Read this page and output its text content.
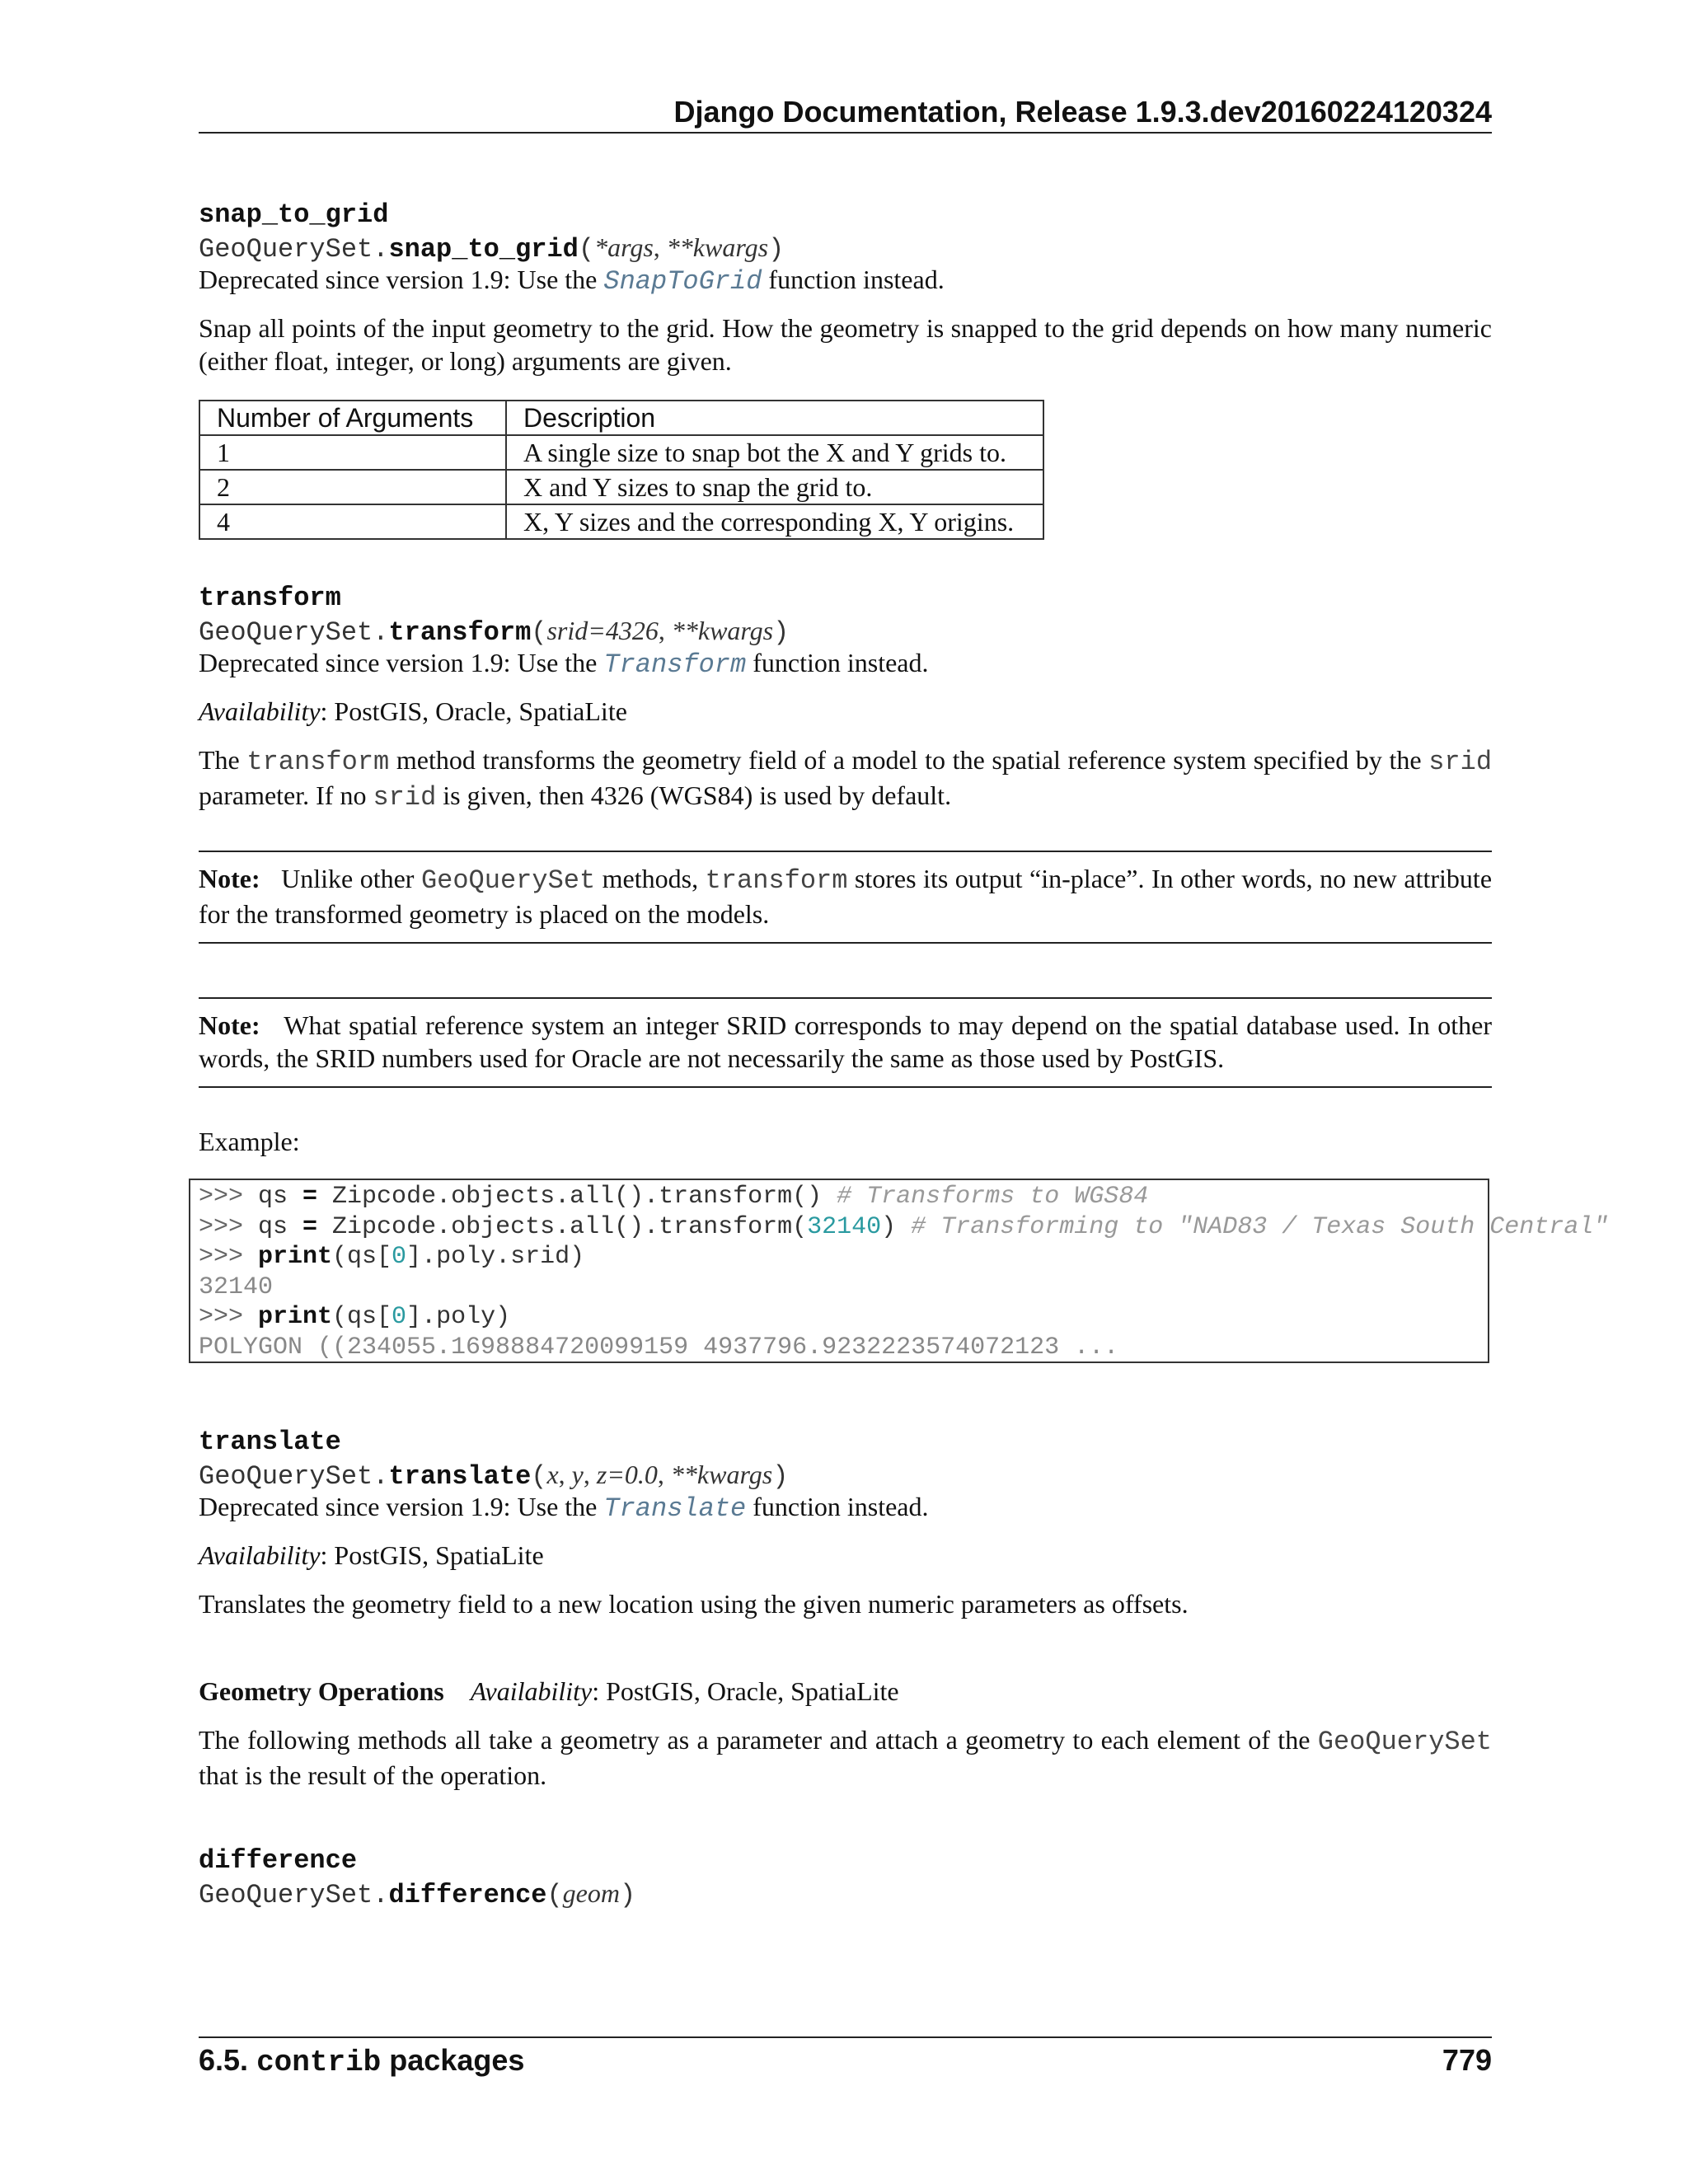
Django Documentation, Release 1.9.3.dev20160224120324
snap_to_grid
GeoQuerySet.snap_to_grid(*args, **kwargs)
Deprecated since version 1.9: Use the SnapToGrid function instead.
Snap all points of the input geometry to the grid. How the geometry is snapped to the grid depends on how many numeric (either float, integer, or long) arguments are given.
Number of Arguments	Description
1	A single size to snap bot the X and Y grids to.
2	X and Y sizes to snap the grid to.
4	X, Y sizes and the corresponding X, Y origins.
transform
GeoQuerySet.transform(srid=4326, **kwargs)
Deprecated since version 1.9: Use the Transform function instead.
Availability: PostGIS, Oracle, SpatiaLite
The transform method transforms the geometry field of a model to the spatial reference system specified by the srid parameter. If no srid is given, then 4326 (WGS84) is used by default.
Note: Unlike other GeoQuerySet methods, transform stores its output “in-place”. In other words, no new attribute for the transformed geometry is placed on the models.
Note: What spatial reference system an integer SRID corresponds to may depend on the spatial database used. In other words, the SRID numbers used for Oracle are not necessarily the same as those used by PostGIS.
Example:
>>> qs = Zipcode.objects.all().transform() # Transforms to WGS84
>>> qs = Zipcode.objects.all().transform(32140) # Transforming to "NAD83 / Texas South Central"
>>> print(qs[0].poly.srid)
32140
>>> print(qs[0].poly)
POLYGON ((234055.1698884720099159 4937796.9232223574072123 ...
translate
GeoQuerySet.translate(x, y, z=0.0, **kwargs)
Deprecated since version 1.9: Use the Translate function instead.
Availability: PostGIS, SpatiaLite
Translates the geometry field to a new location using the given numeric parameters as offsets.
Geometry Operations Availability: PostGIS, Oracle, SpatiaLite
The following methods all take a geometry as a parameter and attach a geometry to each element of the GeoQuerySet that is the result of the operation.
difference
GeoQuerySet.difference(geom)
6.5. contrib packages	779
